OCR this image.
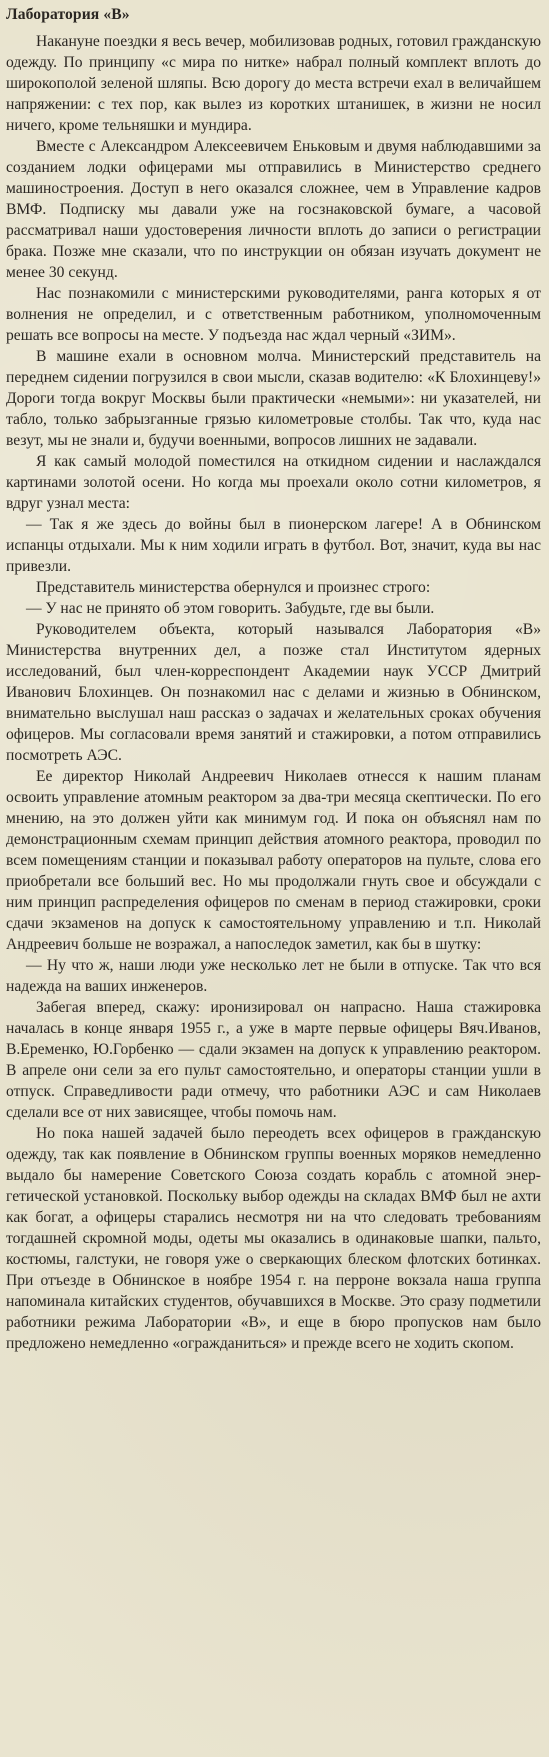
Лаборатория «В»

Накануне поездки я весь вечер, мобилизовав родных, готовил гражданскую одежду. По принципу «с мира по нитке» набрал полный комплект вплоть до широкополой зеленой шляпы. Всю дорогу до места встречи ехал в величайшем напряжении: с тех пор, как вылез из коротких штанишек, в жизни не носил ничего, кроме тельняшки и мундира.

Вместе с Александром Алексеевичем Еньковым и двумя наблюдавшими за созданием лодки офицерами мы отправились в Министерство среднего машиностроения. Доступ в него оказался сложнее, чем в Управление кадров ВМФ. Подписку мы давали уже на госзнаковской бумаге, а часовой рассматривал наши удостоверения личности вплоть до записи о регистрации брака. Позже мне сказали, что по инструкции он обязан изучать документ не менее 30 секунд.

Нас познакомили с министерскими руководителями, ранга которых я от волнения не определил, и с ответственным работником, уполномоченным решать все вопросы на месте. У подъезда нас ждал черный «ЗИМ».

В машине ехали в основном молча. Министерский представитель на переднем сидении погрузился в свои мысли, сказав водителю: «К Блохинцеву!» Дороги тогда вокруг Москвы были практически «немыми»: ни указателей, ни табло, только забрызганные грязью километровые столбы. Так что, куда нас везут, мы не знали и, будучи военными, вопросов лишних не задавали.

Я как самый молодой поместился на откидном сидении и наслаждался картинами золотой осени. Но когда мы проехали около сотни километров, я вдруг узнал места:

— Так я же здесь до войны был в пионерском лагере! А в Обнинском испанцы отдыхали. Мы к ним ходили играть в футбол. Вот, значит, куда вы нас привезли.

Представитель министерства обернулся и произнес строго:

— У нас не принято об этом говорить. Забудьте, где вы были.

Руководителем объекта, который назывался Лаборатория «В» Министерства внутренних дел, а позже стал Институтом ядерных исследований, был член-корреспондент Академии наук УССР Дмитрий Иванович Блохинцев. Он познакомил нас с делами и жизнью в Обнинском, внимательно выслушал наш рассказ о задачах и желательных сроках обучения офицеров. Мы согласовали время занятий и стажировки, а потом отправились посмотреть АЭС.

Ее директор Николай Андреевич Николаев отнесся к нашим планам освоить управление атомным реактором за два-три месяца скептически. По его мнению, на это должен уйти как минимум год. И пока он объяснял нам по демонстрационным схемам принцип действия атомного реактора, проводил по всем помещениям станции и показывал работу операторов на пульте, слова его приобретали все больший вес. Но мы продолжали гнуть свое и обсуждали с ним принцип распределения офицеров по сменам в период стажировки, сроки сдачи экзаменов на допуск к самостоятельному управлению и т.п. Николай Андреевич больше не возражал, а напоследок заметил, как бы в шутку:

— Ну что ж, наши люди уже несколько лет не были в отпуске. Так что вся надежда на ваших инженеров.

Забегая вперед, скажу: иронизировал он напрасно. Наша стажировка началась в конце января 1955 г., а уже в марте первые офицеры Вяч.Иванов, В.Еременко, Ю.Горбенко — сдали экзамен на допуск к управлению реактором. В апреле они сели за его пульт самостоятельно, и операторы станции ушли в отпуск. Справедливости ради отмечу, что работники АЭС и сам Николаев сделали все от них зависящее, чтобы помочь нам.

Но пока нашей задачей было переодеть всех офицеров в гражданскую одежду, так как появление в Обнинском группы военных моряков немедленно выдало бы намерение Советского Союза создать корабль с атомной энергетической установкой. Поскольку выбор одежды на складах ВМФ был не ахти как богат, а офицеры старались несмотря ни на что следовать требованиям тогдашней скромной моды, одеты мы оказались в одинаковые шапки, пальто, костюмы, галстуки, не говоря уже о сверкающих блеском флотских ботинках. При отъезде в Обнинское в ноябре 1954 г. на перроне вокзала наша группа напоминала китайских студентов, обучавшихся в Москве. Это сразу подметили работники режима Лаборатории «В», и еще в бюро пропусков нам было предложено немедленно «огражданиться» и прежде всего не ходить скопом.
